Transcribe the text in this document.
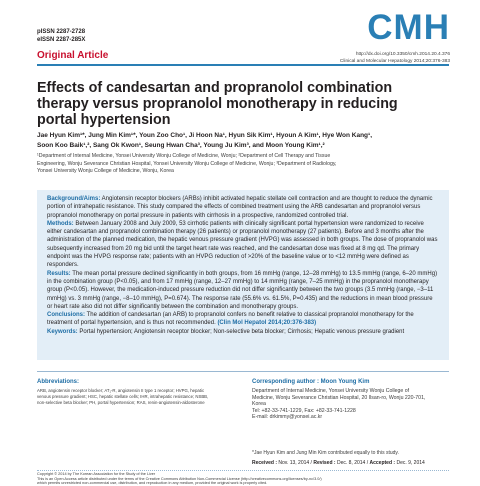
pISSN 2287-2728
eISSN 2287-285X	CMH
http://dx.doi.org/10.3350/cmh.2014.20.4.376
Clinical and Molecular Hepatology 2014;20:376-383
Original Article
Effects of candesartan and propranolol combination
therapy versus propranolol monotherapy in reducing
portal hypertension
Jae Hyun Kim¹*, Jung Min Kim¹*, Youn Zoo Cho¹, Ji Hoon Na¹, Hyun Sik Kim¹, Hyoun A Kim¹, Hye Won Kang¹,
Soon Koo Baik¹,², Sang Ok Kwon¹, Seung Hwan Cha³, Young Ju Kim³, and Moon Young Kim¹,²
¹Department of Internal Medicine, Yonsei University Wonju College of Medicine, Wonju; ²Department of Cell Therapy and Tissue
Engineering, Wonju Severance Christian Hospital, Yonsei University Wonju College of Medicine, Wonju; ³Department of Radiology,
Yonsei University Wonju College of Medicine, Wonju, Korea

Background/Aims: Angiotensin receptor blockers (ARBs) inhibit activated hepatic stellate cell contraction and are thought to reduce the dynamic portion of intrahepatic resistance. This study compared the effects of combined treatment using the ARB candesartan and propranolol versus propranolol monotherapy on portal pressure in patients with cirrhosis in a prospective, randomized controlled trial.

Methods: Between January 2008 and July 2009, 53 cirrhotic patients with clinically significant portal hypertension were randomized to receive either candesartan and propranolol combination therapy (26 patients) or propranolol monotherapy (27 patients). Before and 3 months after the administration of the planned medication, the hepatic venous pressure gradient (HVPG) was assessed in both groups. The dose of propranolol was subsequently increased from 20 mg bid until the target heart rate was reached, and the candesartan dose was fixed at 8 mg qd. The primary endpoint was the HVPG response rate; patients with an HVPG reduction of >20% of the baseline value or to <12 mmHg were defined as responders.

Results: The mean portal pressure declined significantly in both groups, from 16 mmHg (range, 12–28 mmHg) to 13.5 mmHg (range, 6–20 mmHg) in the combination group (P<0.05), and from 17 mmHg (range, 12–27 mmHg) to 14 mmHg (range, 7–25 mmHg) in the propranolol monotherapy group (P<0.05). However, the medication-induced pressure reduction did not differ significantly between the two groups (3.5 mmHg (range, −3–11 mmHg) vs. 3 mmHg (range, −8–10 mmHg), P=0.674). The response rate (55.6% vs. 61.5%, P=0.435) and the reductions in mean blood pressure or heart rate also did not differ significantly between the combination and monotherapy groups.

Conclusions: The addition of candesartan (an ARB) to propranolol confers no benefit relative to classical propranolol monotherapy for the treatment of portal hypertension, and is thus not recommended. (Clin Mol Hepatol 2014;20:376-383)

Keywords: Portal hypertension; Angiotensin receptor blocker; Non-selective beta blocker; Cirrhosis; Hepatic venous pressure gradient

Abbreviations:
ARB, angiotensin receptor blocker; AT₁-R, angiotensin II type 1 receptor; HVPG, hepatic venous pressure gradient; HSC, hepatic stellate cells; IHR, intrahepatic resistance; NSBB, non-selective beta blocker; PH, portal hypertension; RAS, renin-angiotensin-aldosterone
Corresponding author : Moon Young Kim
Department of Internal Medicine, Yonsei University Wonju College of
Medicine, Wonju Severance Christian Hospital, 20 Ilsan-ro, Wonju 220-701,
Korea
Tel: +82-33-741-1229, Fax: +82-33-741-1228
E-mail: drkimmy@yonsei.ac.kr
*Jae Hyun Kim and Jung Min Kim contributed equally to this study.
Received : Nov. 13, 2014 / Revised : Dec. 8, 2014 / Accepted : Dec. 9, 2014
Copyright © 2014 by The Korean Association for the Study of the Liver
This is an Open Access article distributed under the terms of the Creative Commons Attribution Non-Commercial License (http://creativecommons.org/licenses/by-nc/3.0/)
which permits unrestricted non-commercial use, distribution, and reproduction in any medium, provided the original work is properly cited.
